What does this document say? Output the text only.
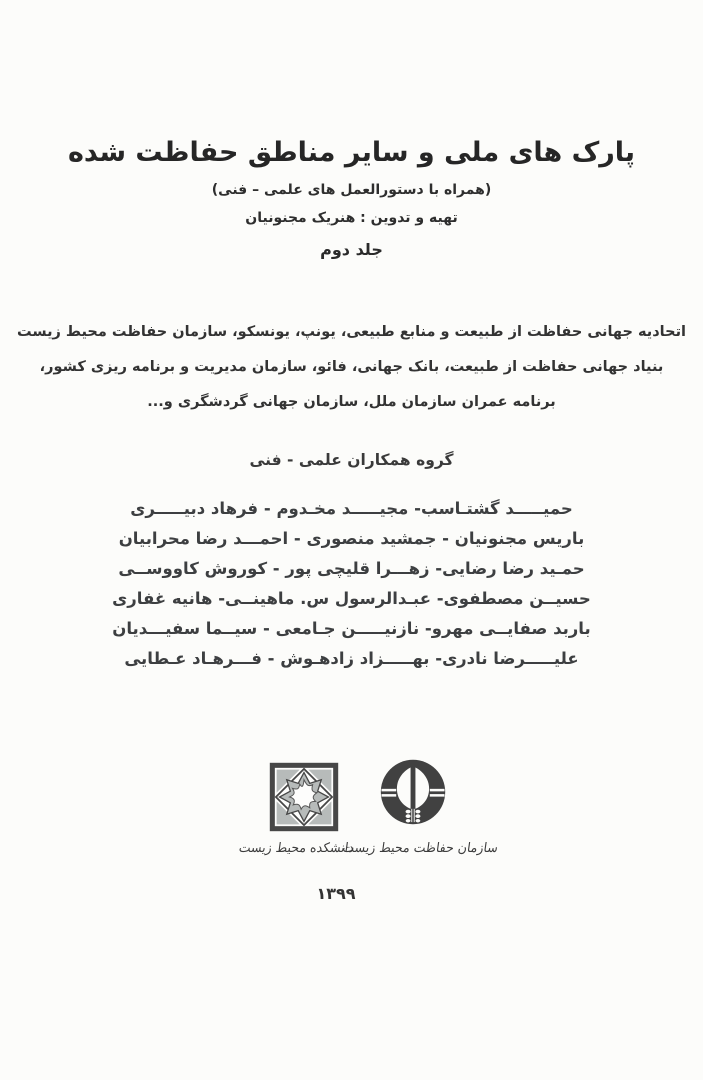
پارک های ملی و سایر مناطق حفاظت شده
(همراه با دستورالعمل های علمی – فنی)
تهیه و تدوین : هنریک مجنونیان
جلد دوم
اتحادیه جهانی حفاظت از طبیعت و منابع طبیعی، یونپ، یونسکو، سازمان حفاظت محیط زیست
بنیاد جهانی حفاظت از طبیعت، بانک جهانی، فائو، سازمان مدیریت و برنامه ریزی کشور،
برنامه عمران سازمان ملل، سازمان جهانی گردشگری و...
گروه همکاران علمی - فنی
حمیـــــد گشتـاسب- مجیـــــد مخـدوم - فرهاد دبیـــــری
باریس مجنونیان - جمشید منصوری - احمـــد رضا محرابیان
حمـید رضا رضایی- زهـــرا قلیچی پور - کوروش کاووســی
حسیــن مصطفوی- عبـدالرسول س. ماهینــی- هانیه غفاری
باربد صفایــی مهرو- نازنیـــــن جـامعی - سیــما سفیـــدیان
علیـــــرضا نادری- بهـــــزاد زادهـوش - فـــرهـاد عـطایی
دانشکده محیط زیست
سازمان حفاظت محیط زیست
۱۳۹۹
